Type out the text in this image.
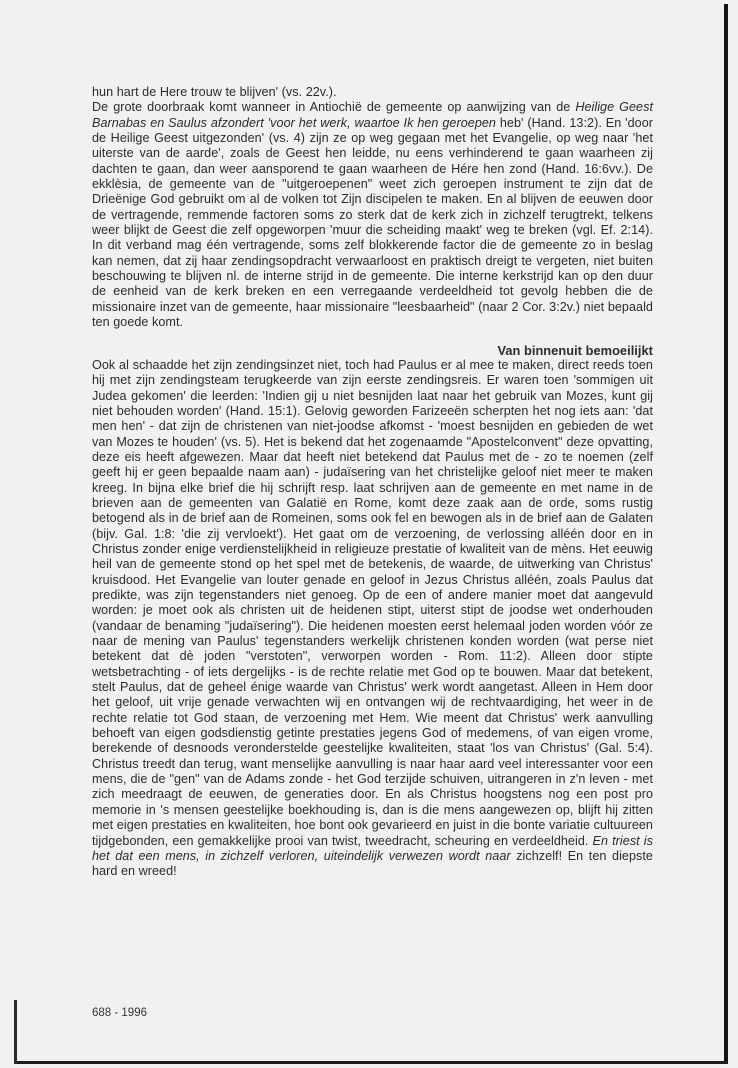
hun hart de Here trouw te blijven' (vs. 22v.).

De grote doorbraak komt wanneer in Antiochië de gemeente op aanwijzing van de Heilige Geest Barnabas en Saulus afzondert 'voor het werk, waartoe Ik hen geroepen heb' (Hand. 13:2). En 'door de Heilige Geest uitgezonden' (vs. 4) zijn ze op weg gegaan met het Evangelie, op weg naar 'het uiterste van de aarde', zoals de Geest hen leidde, nu eens verhinderend te gaan waarheen zij dachten te gaan, dan weer aansporend te gaan waarheen de Hére hen zond (Hand. 16:6vv.). De ekklèsia, de gemeente van de "uitgeroepenen" weet zich geroepen instrument te zijn dat de Drieënige God gebruikt om al de volken tot Zijn discipelen te maken. En al blijven de eeuwen door de vertragende, remmende factoren soms zo sterk dat de kerk zich in zichzelf terugtrekt, telkens weer blijkt de Geest die zelf opgeworpen 'muur die scheiding maakt' weg te breken (vgl. Ef. 2:14). In dit verband mag één vertragende, soms zelf blokkerende factor die de gemeente zo in beslag kan nemen, dat zij haar zendingsopdracht verwaarloost en praktisch dreigt te vergeten, niet buiten beschouwing te blijven nl. de interne strijd in de gemeente. Die interne kerkstrijd kan op den duur de eenheid van de kerk breken en een verregaande verdeeldheid tot gevolg hebben die de missionaire inzet van de gemeente, haar missionaire "leesbaarheid" (naar 2 Cor. 3:2v.) niet bepaald ten goede komt.

Van binnenuit bemoeilijkt

Ook al schaadde het zijn zendingsinzet niet, toch had Paulus er al mee te maken, direct reeds toen hij met zijn zendingsteam terugkeerde van zijn eerste zendingsreis. Er waren toen 'sommigen uit Judea gekomen' die leerden: 'Indien gij u niet besnijden laat naar het gebruik van Mozes, kunt gij niet behouden worden' (Hand. 15:1). Gelovig geworden Farizeeën scherpten het nog iets aan: 'dat men hen' - dat zijn de christenen van niet-joodse afkomst - 'moest besnijden en gebieden de wet van Mozes te houden' (vs. 5). Het is bekend dat het zogenaamde "Apostelconvent" deze opvatting, deze eis heeft afgewezen. Maar dat heeft niet betekend dat Paulus met de - zo te noemen (zelf geeft hij er geen bepaalde naam aan) - judaïsering van het christelijke geloof niet meer te maken kreeg. In bijna elke brief die hij schrijft resp. laat schrijven aan de gemeente en met name in de brieven aan de gemeenten van Galatië en Rome, komt deze zaak aan de orde, soms rustig betogend als in de brief aan de Romeinen, soms ook fel en bewogen als in de brief aan de Galaten (bijv. Gal. 1:8: 'die zij vervloekt'). Het gaat om de verzoening, de verlossing alléén door en in Christus zonder enige verdienstelijkheid in religieuze prestatie of kwaliteit van de mèns. Het eeuwig heil van de gemeente stond op het spel met de betekenis, de waarde, de uitwerking van Christus' kruisdood. Het Evangelie van louter genade en geloof in Jezus Christus alléén, zoals Paulus dat predikte, was zijn tegenstanders niet genoeg. Op de een of andere manier moet dat aangevuld worden: je moet ook als christen uit de heidenen stipt, uiterst stipt de joodse wet onderhouden (vandaar de benaming "judaïsering"). Die heidenen moesten eerst helemaal joden worden vóór ze naar de mening van Paulus' tegenstanders werkelijk christenen konden worden (wat perse niet betekent dat dè joden "verstoten", verworpen worden - Rom. 11:2). Alleen door stipte wetsbetrachting - of iets dergelijks - is de rechte relatie met God op te bouwen. Maar dat betekent, stelt Paulus, dat de geheel énige waarde van Christus' werk wordt aangetast. Alleen in Hem door het geloof, uit vrije genade verwachten wij en ontvangen wij de rechtvaardiging, het weer in de rechte relatie tot God staan, de verzoening met Hem. Wie meent dat Christus' werk aanvulling behoeft van eigen godsdienstig getinte prestaties jegens God of medemens, of van eigen vrome, berekende of desnoods veronderstelde geestelijke kwaliteiten, staat 'los van Christus' (Gal. 5:4). Christus treedt dan terug, want menselijke aanvulling is naar haar aard veel interessanter voor een mens, die de "gen" van de Adams zonde - het God terzijde schuiven, uitrangeren in z'n leven - met zich meedraagt de eeuwen, de generaties door. En als Christus hoogstens nog een post pro memorie in 's mensen geestelijke boekhouding is, dan is die mens aangewezen op, blijft hij zitten met eigen prestaties en kwaliteiten, hoe bont ook gevarieerd en juist in die bonte variatie cultuureen tijdgebonden, een gemakkelijke prooi van twist, tweedracht, scheuring en verdeeldheid. En triest is het dat een mens, in zichzelf verloren, uiteindelijk verwezen wordt naar zichzelf! En ten diepste hard en wreed!

688 - 1996
